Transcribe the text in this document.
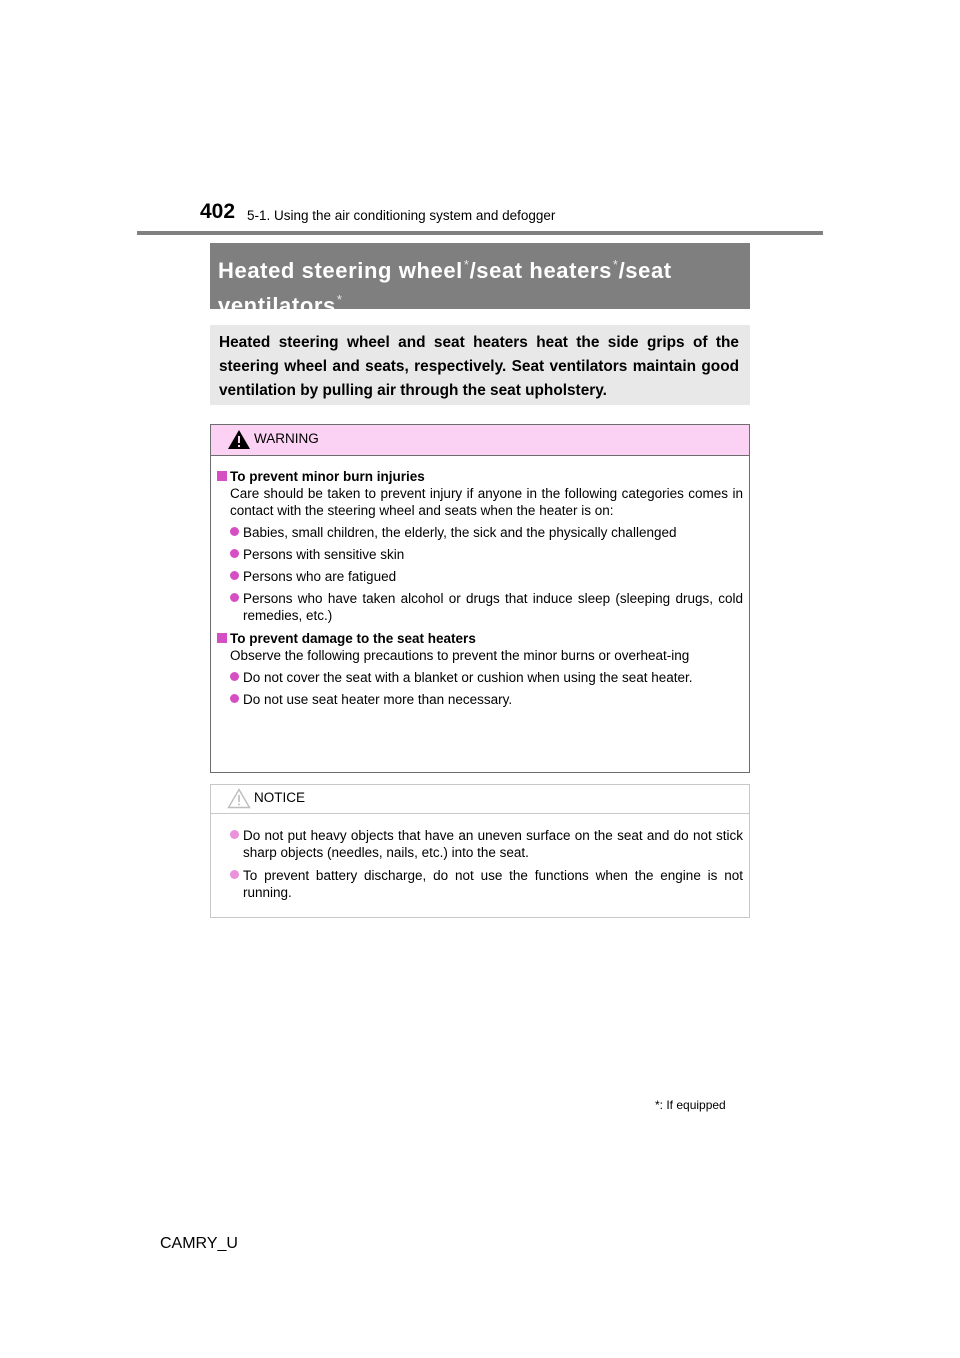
402 5-1. Using the air conditioning system and defogger
Heated steering wheel*/seat heaters*/seat
ventilators*
Heated steering wheel and seat heaters heat the side grips of the steering wheel and seats, respectively. Seat ventilators maintain good ventilation by pulling air through the seat upholstery.
WARNING
To prevent minor burn injuries
Care should be taken to prevent injury if anyone in the following categories comes in contact with the steering wheel and seats when the heater is on:
Babies, small children, the elderly, the sick and the physically challenged
Persons with sensitive skin
Persons who are fatigued
Persons who have taken alcohol or drugs that induce sleep (sleeping drugs, cold remedies, etc.)
To prevent damage to the seat heaters
Observe the following precautions to prevent the minor burns or overheat-ing
Do not cover the seat with a blanket or cushion when using the seat heater.
Do not use seat heater more than necessary.
NOTICE
Do not put heavy objects that have an uneven surface on the seat and do not stick sharp objects (needles, nails, etc.) into the seat.
To prevent battery discharge, do not use the functions when the engine is not running.
*: If equipped
CAMRY_U
